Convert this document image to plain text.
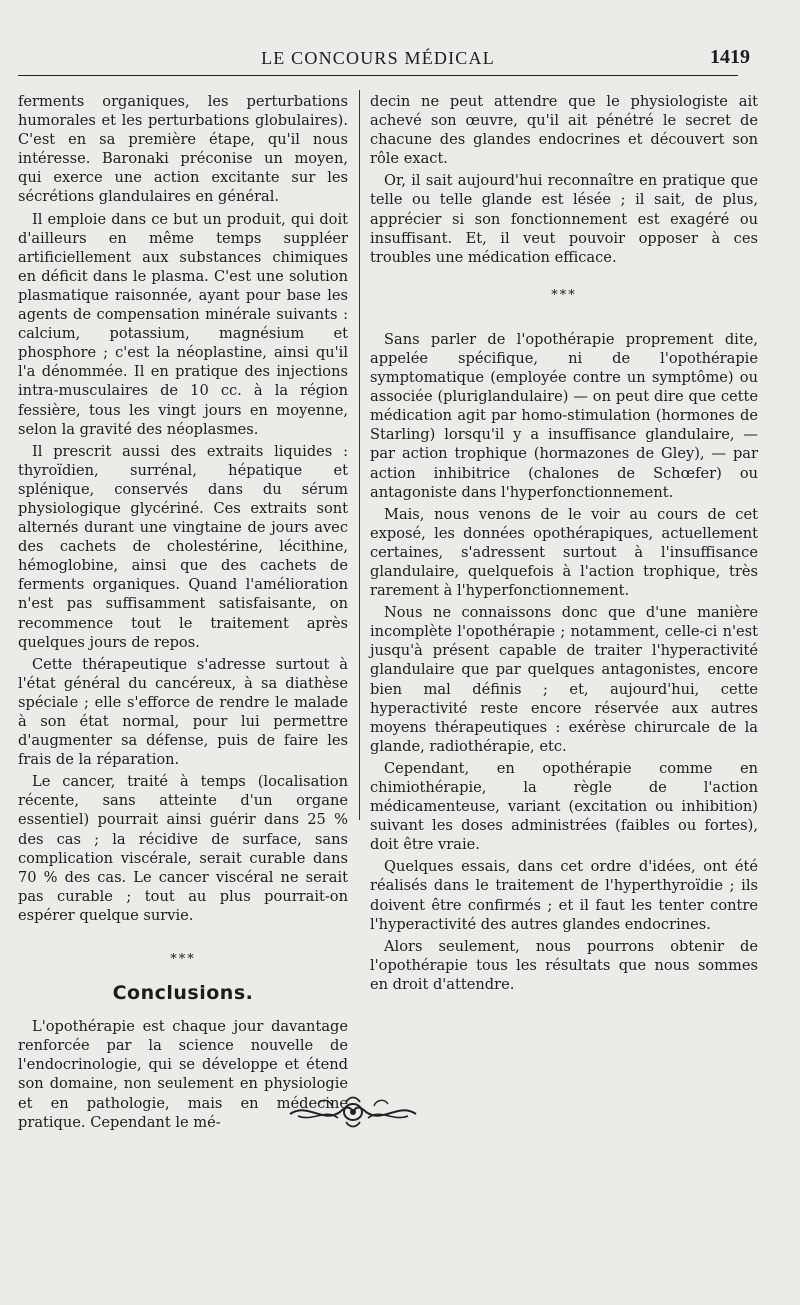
LE CONCOURS MÉDICAL	1419

ferments organiques, les perturbations humorales et les perturbations globulaires). C'est en sa première étape, qu'il nous intéresse. Baronaki préconise un moyen, qui exerce une action excitante sur les sécrétions glandulaires en général.

Il emploie dans ce but un produit, qui doit d'ailleurs en même temps suppléer artificiellement aux substances chimiques en déficit dans le plasma. C'est une solution plasmatique raisonnée, ayant pour base les agents de compensation minérale suivants : calcium, potassium, magnésium et phosphore ; c'est la néoplastine, ainsi qu'il l'a dénommée. Il en pratique des injections intra-musculaires de 10 cc. à la région fessière, tous les vingt jours en moyenne, selon la gravité des néoplasmes.

Il prescrit aussi des extraits liquides : thyroïdien, surrénal, hépatique et splénique, conservés dans du sérum physiologique glycériné. Ces extraits sont alternés durant une vingtaine de jours avec des cachets de cholestérine, lécithine, hémoglobine, ainsi que des cachets de ferments organiques. Quand l'amélioration n'est pas suffisamment satisfaisante, on recommence tout le traitement après quelques jours de repos.

Cette thérapeutique s'adresse surtout à l'état général du cancéreux, à sa diathèse spéciale ; elle s'efforce de rendre le malade à son état normal, pour lui permettre d'augmenter sa défense, puis de faire les frais de la réparation.

Le cancer, traité à temps (localisation récente, sans atteinte d'un organe essentiel) pourrait ainsi guérir dans 25 % des cas ; la récidive de surface, sans complication viscérale, serait curable dans 70 % des cas. Le cancer viscéral ne serait pas curable ; tout au plus pourrait-on espérer quelque survie.

***
Conclusions.

L'opothérapie est chaque jour davantage renforcée par la science nouvelle de l'endocrinologie, qui se développe et étend son domaine, non seulement en physiologie et en pathologie, mais en médecine pratique. Cependant le mé-

decin ne peut attendre que le physiologiste ait achevé son œuvre, qu'il ait pénétré le secret de chacune des glandes endocrines et découvert son rôle exact.

Or, il sait aujourd'hui reconnaître en pratique que telle ou telle glande est lésée ; il sait, de plus, apprécier si son fonctionnement est exagéré ou insuffisant. Et, il veut pouvoir opposer à ces troubles une médication efficace.

***

Sans parler de l'opothérapie proprement dite, appelée spécifique, ni de l'opothérapie symptomatique (employée contre un symptôme) ou associée (pluriglandulaire) — on peut dire que cette médication agit par homo-stimulation (hormones de Starling) lorsqu'il y a insuffisance glandulaire, — par action trophique (hormazones de Gley), — par action inhibitrice (chalones de Schœfer) ou antagoniste dans l'hyperfonctionnement.

Mais, nous venons de le voir au cours de cet exposé, les données opothérapiques, actuellement certaines, s'adressent surtout à l'insuffisance glandulaire, quelquefois à l'action trophique, très rarement à l'hyperfonctionnement.

Nous ne connaissons donc que d'une manière incomplète l'opothérapie ; notamment, celle-ci n'est jusqu'à présent capable de traiter l'hyperactivité glandulaire que par quelques antagonistes, encore bien mal définis ; et, aujourd'hui, cette hyperactivité reste encore réservée aux autres moyens thérapeutiques : exérèse chirurcale de la glande, radiothérapie, etc.

Cependant, en opothérapie comme en chimiothérapie, la règle de l'action médicamenteuse, variant (excitation ou inhibition) suivant les doses administrées (faibles ou fortes), doit être vraie.

Quelques essais, dans cet ordre d'idées, ont été réalisés dans le traitement de l'hyperthyroïdie ; ils doivent être confirmés ; et il faut les tenter contre l'hyperactivité des autres glandes endocrines.

Alors seulement, nous pourrons obtenir de l'opothérapie tous les résultats que nous sommes en droit d'attendre.
